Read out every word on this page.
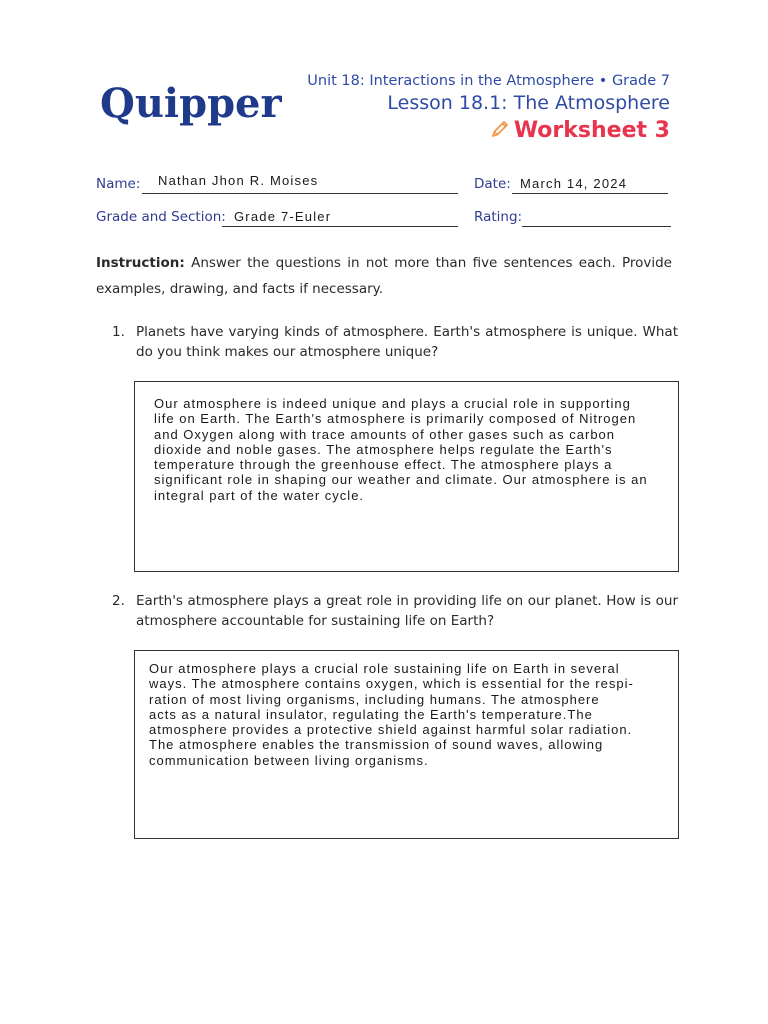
Quipper Unit 18: Interactions in the Atmosphere • Grade 7
Lesson 18.1: The Atmosphere
Worksheet 3
Name: Nathan Jhon R. Moises	Date: March 14, 2024
Grade and Section: Grade 7-Euler	Rating:
Instruction: Answer the questions in not more than five sentences each. Provide examples, drawing, and facts if necessary.
1. Planets have varying kinds of atmosphere. Earth's atmosphere is unique. What do you think makes our atmosphere unique?
Our atmosphere is indeed unique and plays a crucial role in supporting
life on Earth. The Earth's atmosphere is primarily composed of Nitrogen
and Oxygen along with trace amounts of other gases such as carbon
dioxide and noble gases. The atmosphere helps regulate the Earth's
temperature through the greenhouse effect. The atmosphere plays a
significant role in shaping our weather and climate. Our atmosphere is an
integral part of the water cycle.
2. Earth's atmosphere plays a great role in providing life on our planet. How is our atmosphere accountable for sustaining life on Earth?
Our atmosphere plays a crucial role sustaining life on Earth in several
ways. The atmosphere contains oxygen, which is essential for the respi-
ration of most living organisms, including humans. The atmosphere
acts as a natural insulator, regulating the Earth's temperature.The
atmosphere provides a protective shield against harmful solar radiation.
The atmosphere enables the transmission of sound waves, allowing
communication between living organisms.
